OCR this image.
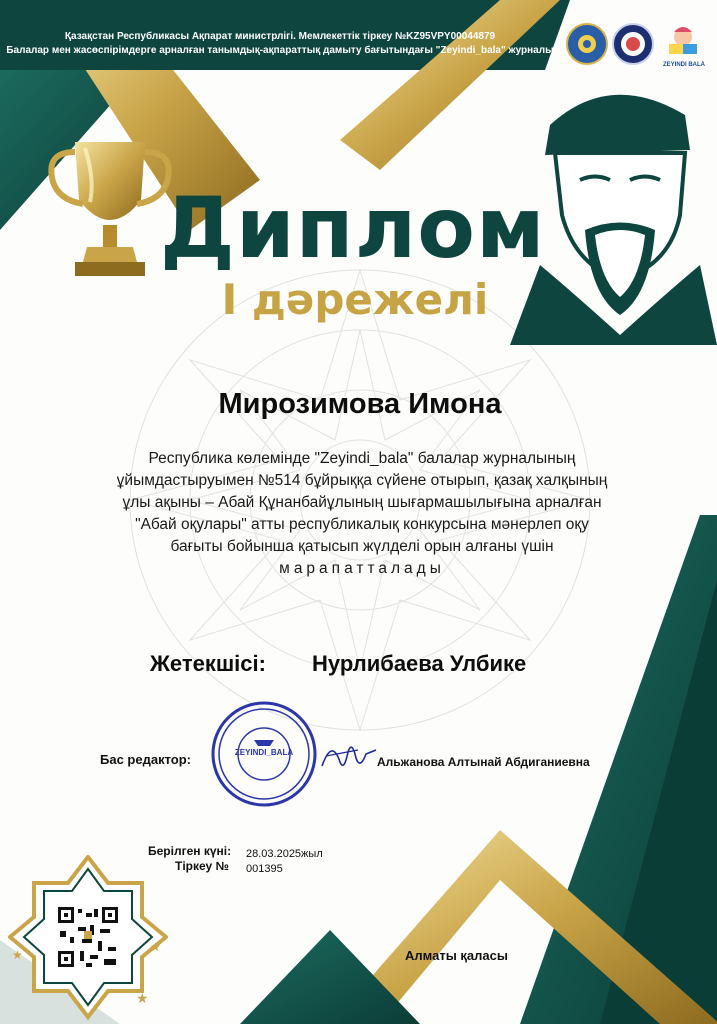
Қазақстан Республикасы Ақпарат министрлігі. Мемлекеттік тіркеу №KZ95VPY00044879
Балалар мен жасөспірімдерге арналған танымдық-ақпараттық дамыту бағытындағы "Zeyindi_bala" журналы
ZEYINDI BALA
Диплом
I дәрежелі
Мирозимова Имона
Республика көлемінде "Zeyindi_bala" балалар журналының
ұйымдастыруымен №514 бұйрыққа сүйене отырып, қазақ халқының
ұлы ақыны – Абай Құнанбайұлының шығармашылығына арналған
"Абай оқулары" атты республикалық конкурсына мәнерлеп оқу
бағыты бойынша қатысып жүлделі орын алғаны үшін
марапатталады
Жетекшісі: Нурлибаева Улбике
Бас редактор:	ZEYINDI_BALA
Альжанова Алтынай Абдиганиевна
Берілген күні: 28.03.2025жыл
Тіркеу № 001395
★
★
★
Алматы қаласы
